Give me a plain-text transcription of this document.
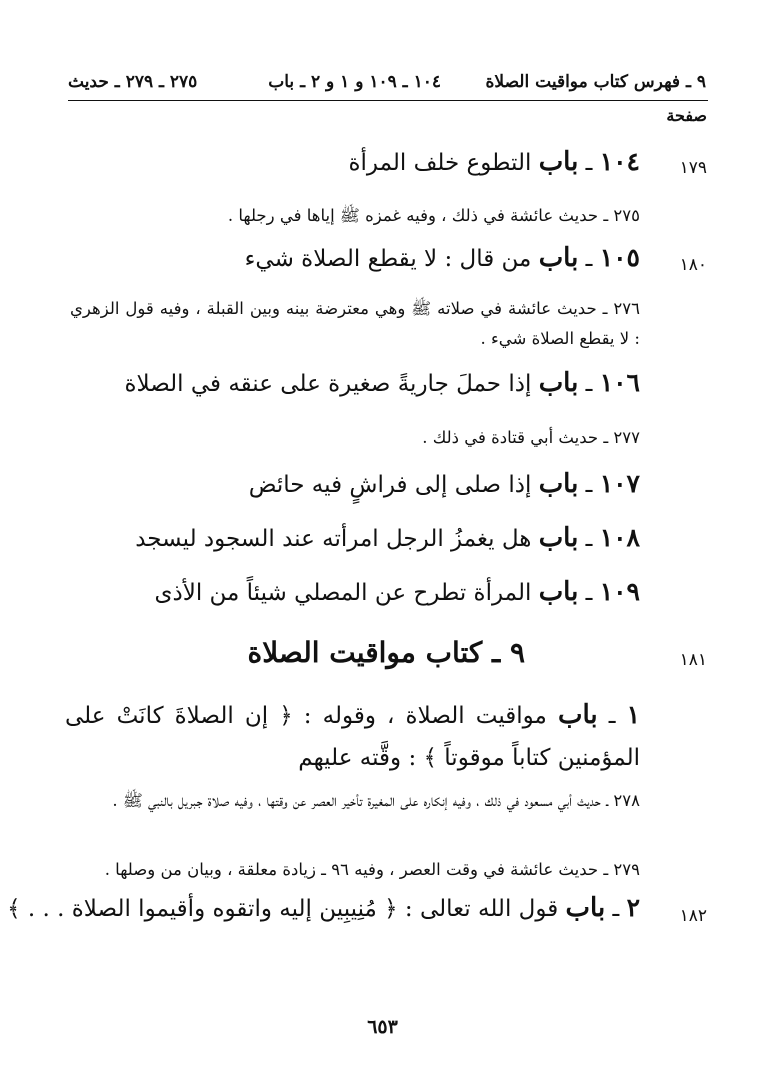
٩ ـ فهرس كتاب مواقيت الصلاة
١٠٤ ـ ١٠٩ و ١ و ٢ ـ باب
٢٧٥ ـ ٢٧٩ ـ حديث
صفحة
١٧٩
١٠٤ ـ باب التطوع خلف المرأة
٢٧٥ ـ حديث عائشة في ذلك ، وفيه غمزه ﷺ إياها في رجلها .
١٨٠
١٠٥ ـ باب من قال : لا يقطع الصلاة شيء
٢٧٦ ـ حديث عائشة في صلاته ﷺ وهي معترضة بينه وبين القبلة ، وفيه قول الزهري : لا يقطع الصلاة شيء .
١٠٦ ـ باب إذا حملَ جاريةً صغيرة على عنقه في الصلاة
٢٧٧ ـ حديث أبي قتادة في ذلك .
١٠٧ ـ باب إذا صلى إلى فراشٍ فيه حائض
١٠٨ ـ باب هل يغمزُ الرجل امرأته عند السجود ليسجد
١٠٩ ـ باب المرأة تطرح عن المصلي شيئاً من الأذى
١٨١
٩ ـ كتاب مواقيت الصلاة
١ ـ باب مواقيت الصلاة ، وقوله : ﴿ إن الصلاةَ كانَتْ على المؤمنين كتاباً موقوتاً ﴾ : وقَّته عليهم
٢٧٨ ـ حديث أبي مسعود في ذلك ، وفيه إنكاره على المغيرة تأخير العصر عن وقتها ، وفيه صلاة جبريل بالنبي ﷺ .
٢٧٩ ـ حديث عائشة في وقت العصر ، وفيه ٩٦ ـ زيادة معلقة ، وبيان من وصلها .
١٨٢
٢ ـ باب قول الله تعالى : ﴿ مُنِيبِين إليه واتقوه وأقيموا الصلاة . . . ﴾
٦٥٣
